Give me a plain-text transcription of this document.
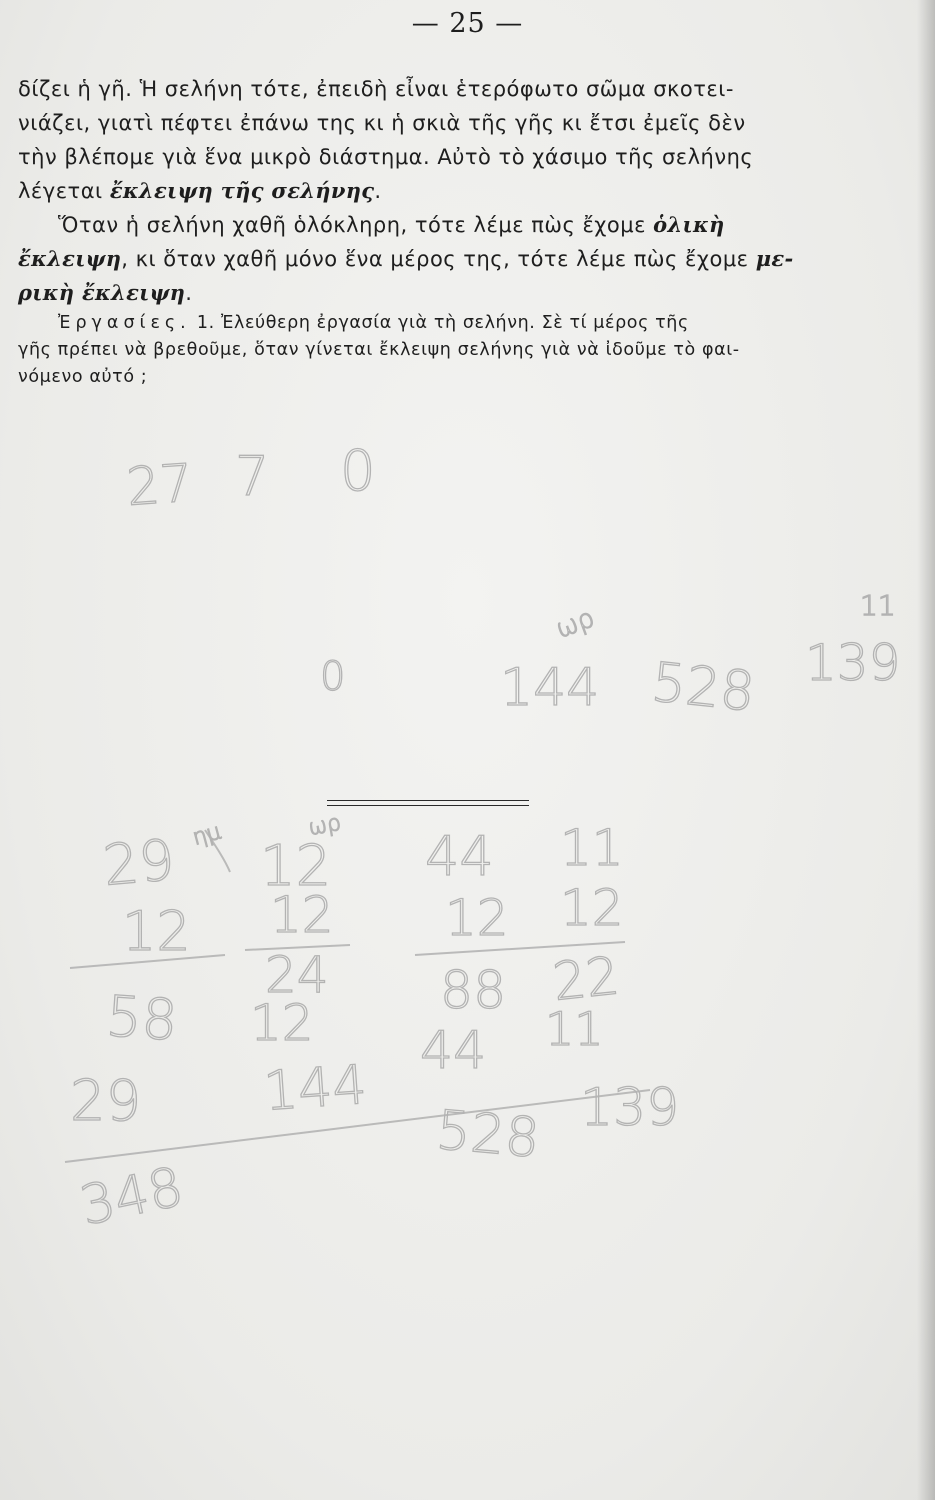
— 25 —
δίζει ἡ γῆ. Ἡ σελήνη τότε, ἐπειδὴ εἶναι ἑτερόφωτο σῶμα σκοτει-
νιάζει, γιατὶ πέφτει ἐπάνω της κι ἡ σκιὰ τῆς γῆς κι ἔτσι ἐμεῖς δὲν
τὴν βλέπομε γιὰ ἕνα μικρὸ διάστημα. Αὐτὸ τὸ χάσιμο τῆς σελήνης
λέγεται ἔκλειψη τῆς σελήνης.
Ὅταν ἡ σελήνη χαθῆ ὁλόκληρη, τότε λέμε πὼς ἔχομε ὁλικὴ
ἔκλειψη, κι ὅταν χαθῆ μόνο ἕνα μέρος της, τότε λέμε πὼς ἔχομε με-
ρικὴ ἔκλειψη.
Ἐργασίες. 1. Ἐλεύθερη ἐργασία γιὰ τὴ σελήνη. Σὲ τί μέρος τῆς
γῆς πρέπει νὰ βρεθοῦμε, ὅταν γίνεται ἔκλειψη σελήνης γιὰ νὰ ἰδοῦμε τὸ φαι-
νόμενο αὐτό ;
27 7 0
0	144 528 139
ωρ	11
29 ημ
12
58
29
348
12
ωρ
12
24
12
144
44
12
88
44
528
11
12
22
11
139
